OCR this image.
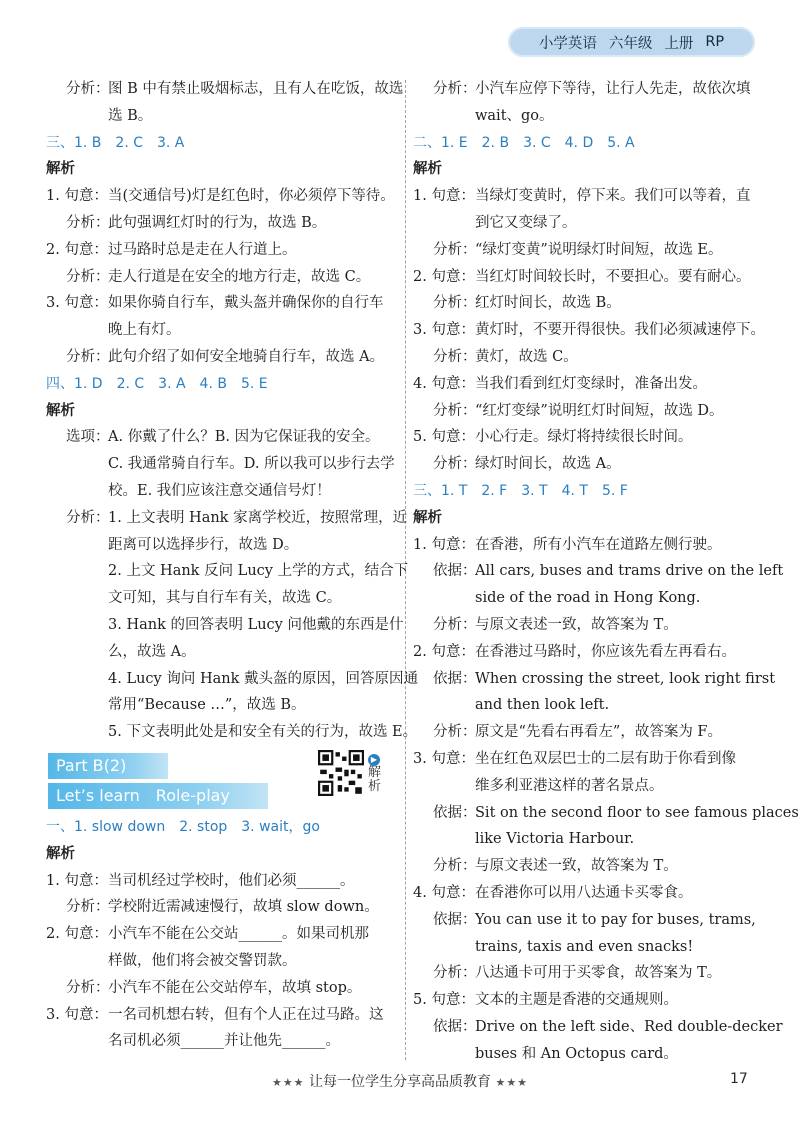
小学英语 六年级 上册 RP
分析：
图 B 中有禁止吸烟标志，且有人在吃饭，故选
选 B。
三、1. B　2. C　3. A
解析
1. 句意： 当(交通信号)灯是红色时，你必须停下等待。
分析：
此句强调红灯时的行为，故选 B。
2. 句意： 过马路时总是走在人行道上。
分析：
走人行道是在安全的地方行走，故选 C。
3. 句意： 如果你骑自行车，戴头盔并确保你的自行车
晚上有灯。
分析：
此句介绍了如何安全地骑自行车，故选 A。
四、1. D　2. C　3. A　4. B　5. E
解析
选项：
A. 你戴了什么？B. 因为它保证我的安全。
C. 我通常骑自行车。D. 所以我可以步行去学
校。E. 我们应该注意交通信号灯！
分析：
1. 上文表明 Hank 家离学校近，按照常理，近
距离可以选择步行，故选 D。
2. 上文 Hank 反问 Lucy 上学的方式，结合下
文可知，其与自行车有关，故选 C。
3. Hank 的回答表明 Lucy 问他戴的东西是什
么，故选 A。
4. Lucy 询问 Hank 戴头盔的原因，回答原因通
常用“Because …”，故选 B。
5. 下文表明此处是和安全有关的行为，故选 E。
Part B(2)
Let’s learn　Role-play
▶ 解析
一、1. slow down　2. stop　3. wait，go
解析
1. 句意： 当司机经过学校时，他们必须______。
分析：
学校附近需减速慢行，故填 slow down。
2. 句意： 小汽车不能在公交站______。如果司机那
样做，他们将会被交警罚款。
分析：
小汽车不能在公交站停车，故填 stop。
3. 句意： 一名司机想右转，但有个人正在过马路。这
名司机必须______并让他先______。
分析：
小汽车应停下等待，让行人先走，故依次填
wait、go。
二、1. E　2. B　3. C　4. D　5. A
解析
1. 句意： 当绿灯变黄时，停下来。我们可以等着，直
到它又变绿了。
分析：
“绿灯变黄”说明绿灯时间短，故选 E。
2. 句意： 当红灯时间较长时，不要担心。要有耐心。
分析：
红灯时间长，故选 B。
3. 句意： 黄灯时，不要开得很快。我们必须减速停下。
分析：
黄灯，故选 C。
4. 句意： 当我们看到红灯变绿时，准备出发。
分析：
“红灯变绿”说明红灯时间短，故选 D。
5. 句意： 小心行走。绿灯将持续很长时间。
分析：
绿灯时间长，故选 A。
三、1. T　2. F　3. T　4. T　5. F
解析
1. 句意： 在香港，所有小汽车在道路左侧行驶。
依据：
All cars, buses and trams drive on the left
side of the road in Hong Kong.
分析：
与原文表述一致，故答案为 T。
2. 句意： 在香港过马路时，你应该先看左再看右。
依据：
When crossing the street, look right first
and then look left.
分析：
原文是“先看右再看左”，故答案为 F。
3. 句意： 坐在红色双层巴士的二层有助于你看到像
维多利亚港这样的著名景点。
依据：
Sit on the second floor to see famous places
like Victoria Harbour.
分析：
与原文表述一致，故答案为 T。
4. 句意： 在香港你可以用八达通卡买零食。
依据：
You can use it to pay for buses, trams,
trains, taxis and even snacks!
分析：
八达通卡可用于买零食，故答案为 T。
5. 句意： 文本的主题是香港的交通规则。
依据：
Drive on the left side、Red double-decker
buses 和 An Octopus card。
★★★ 让每一位学生分享高品质教育 ★★★	17
